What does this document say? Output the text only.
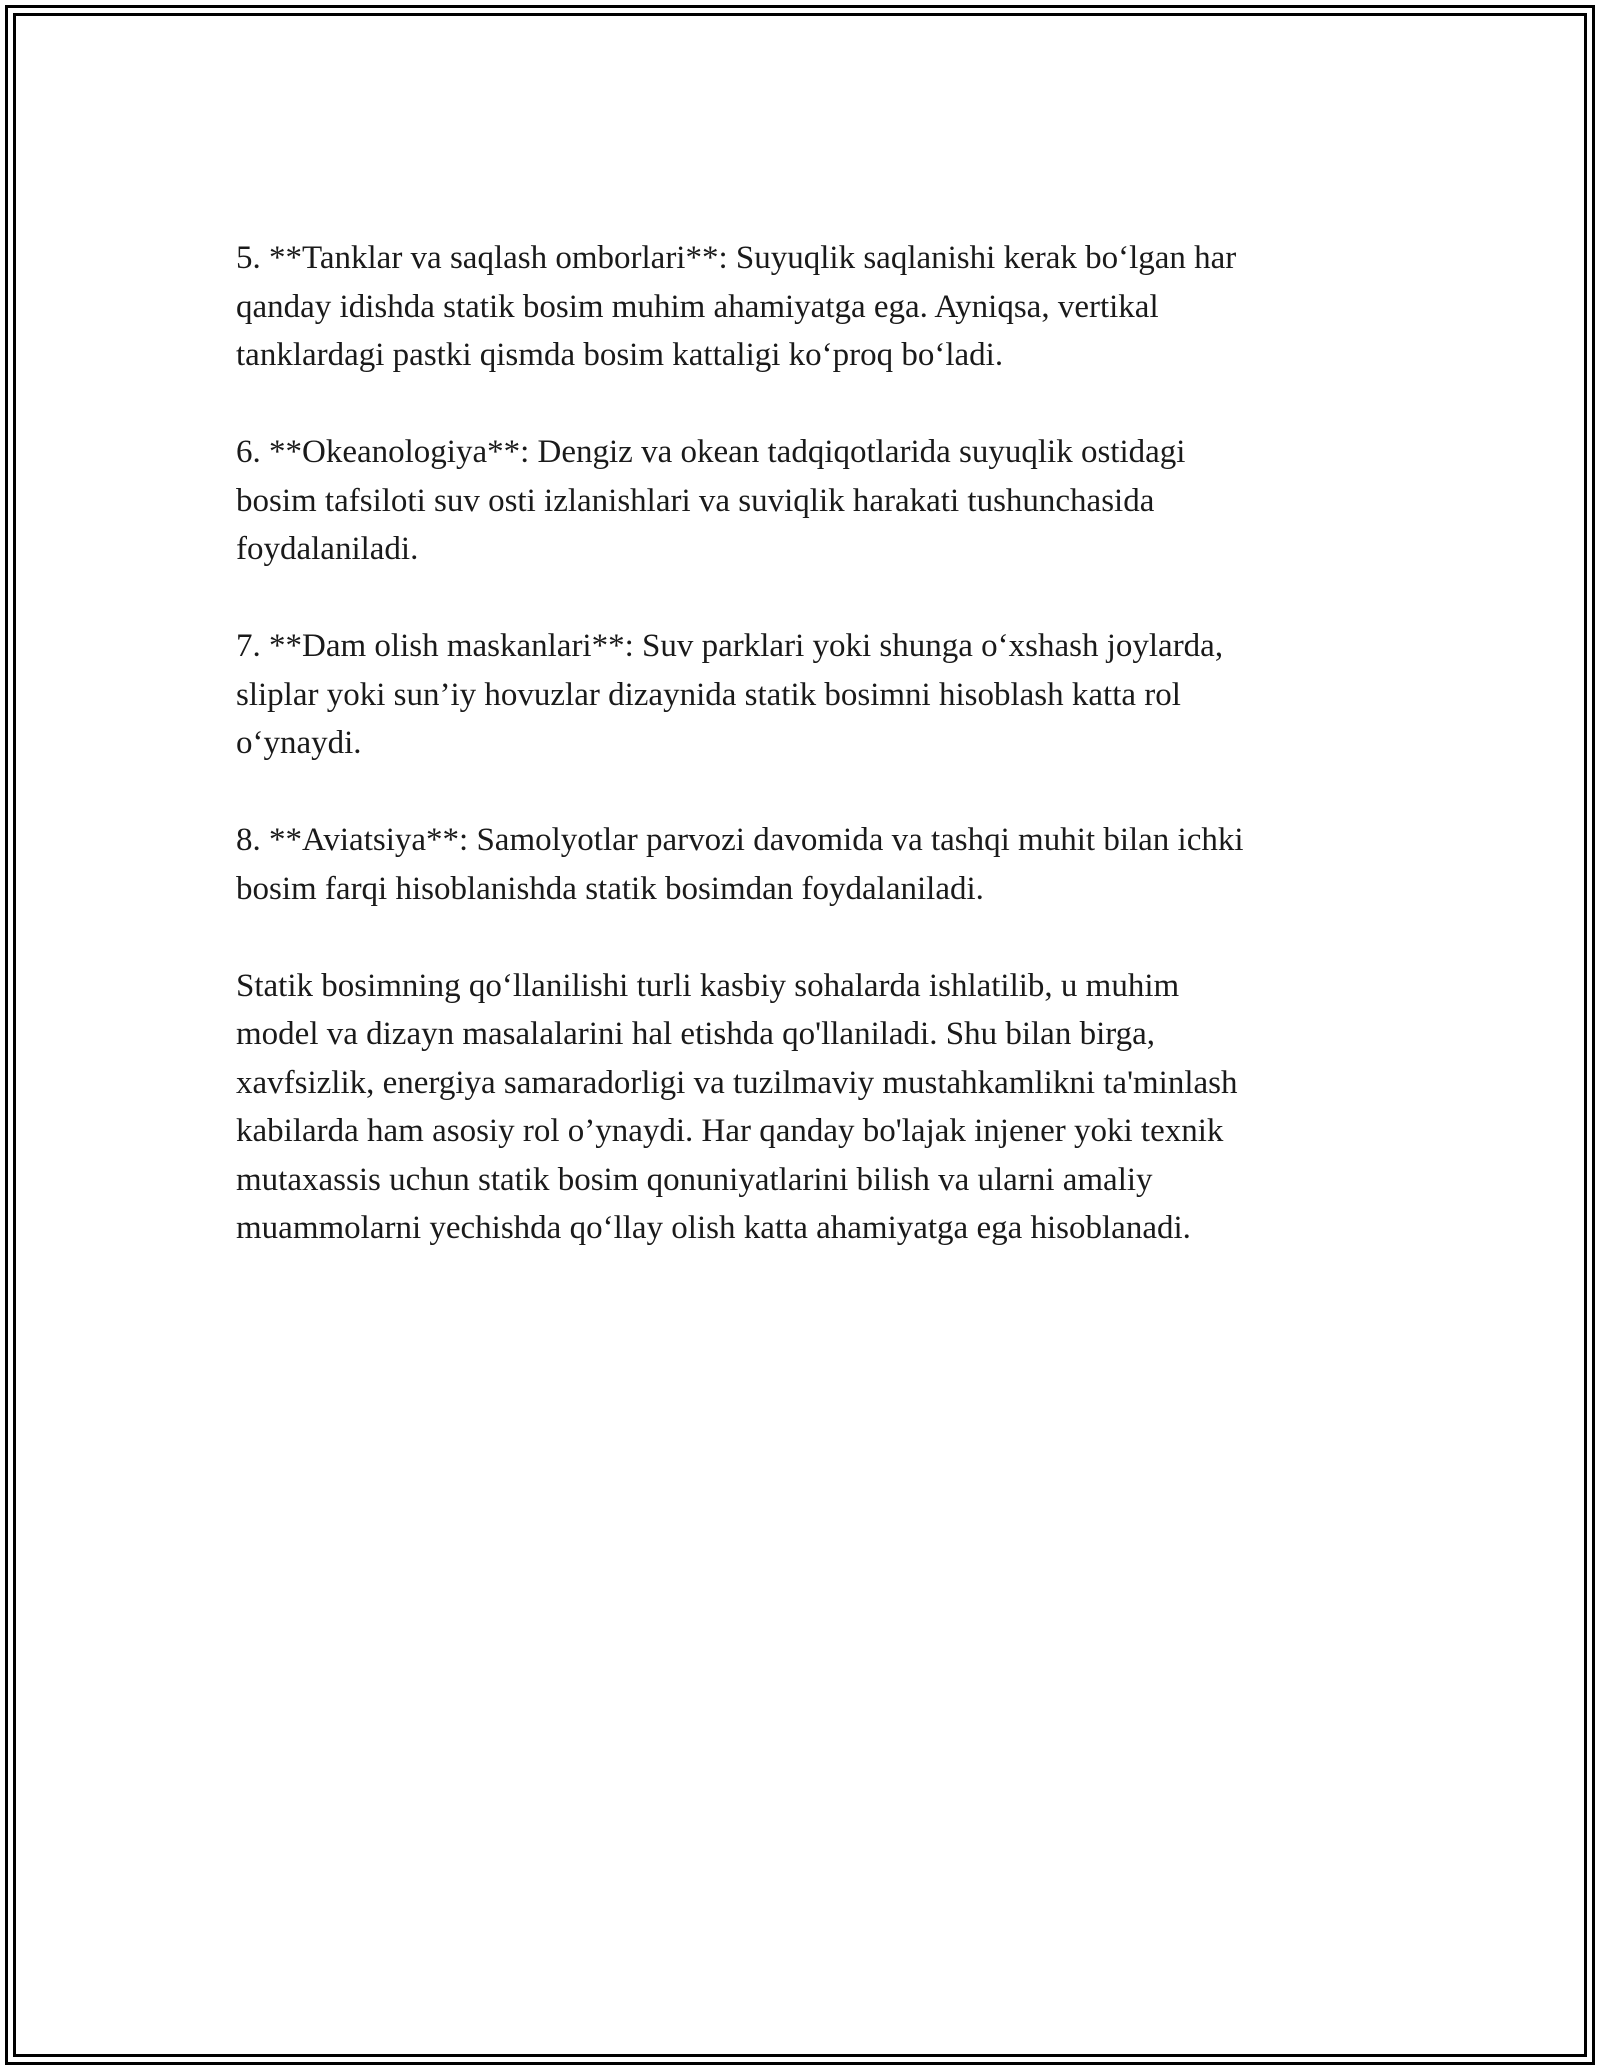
5. **Tanklar va saqlash omborlari**: Suyuqlik saqlanishi kerak bo‘lgan har
qanday idishda statik bosim muhim ahamiyatga ega. Ayniqsa, vertikal
tanklardagi pastki qismda bosim kattaligi ko‘proq bo‘ladi.

6. **Okeanologiya**: Dengiz va okean tadqiqotlarida suyuqlik ostidagi
bosim tafsiloti suv osti izlanishlari va suviqlik harakati tushunchasida
foydalaniladi.

7. **Dam olish maskanlari**: Suv parklari yoki shunga o‘xshash joylarda,
sliplar yoki sun’iy hovuzlar dizaynida statik bosimni hisoblash katta rol
o‘ynaydi.

8. **Aviatsiya**: Samolyotlar parvozi davomida va tashqi muhit bilan ichki
bosim farqi hisoblanishda statik bosimdan foydalaniladi.

Statik bosimning qo‘llanilishi turli kasbiy sohalarda ishlatilib, u muhim
model va dizayn masalalarini hal etishda qo'llaniladi. Shu bilan birga,
xavfsizlik, energiya samaradorligi va tuzilmaviy mustahkamlikni ta'minlash
kabilarda ham asosiy rol o’ynaydi. Har qanday bo'lajak injener yoki texnik
mutaxassis uchun statik bosim qonuniyatlarini bilish va ularni amaliy
muammolarni yechishda qo‘llay olish katta ahamiyatga ega hisoblanadi.
